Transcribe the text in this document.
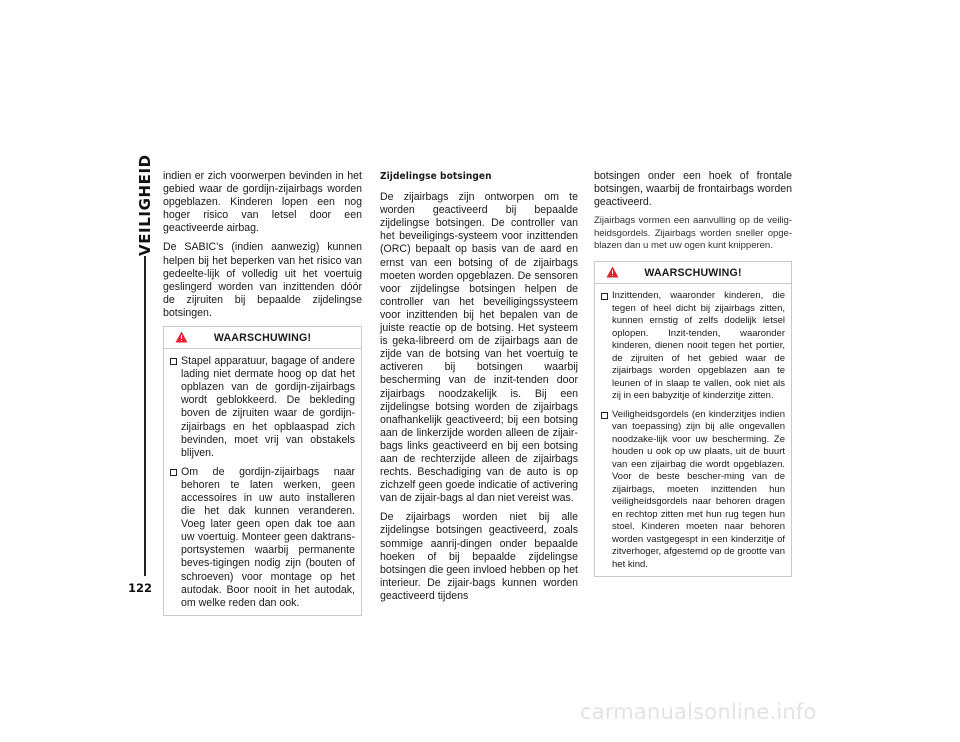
VEILIGHEID
122

indien er zich voorwerpen bevinden in het gebied waar de gordijn-zijairbags worden opgeblazen. Kinderen lopen een nog hoger risico van letsel door een geactiveerde airbag.

De SABIC's (indien aanwezig) kunnen helpen bij het beperken van het risico van gedeelte-lijk of volledig uit het voertuig geslingerd worden van inzittenden dóór de zijruiten bij bepaalde zijdelingse botsingen.

WAARSCHUWING!
Stapel apparatuur, bagage of andere lading niet dermate hoog op dat het opblazen van de gordijn-zijairbags wordt geblokkeerd. De bekleding boven de zijruiten waar de gordijn-zijairbags en het opblaaspad zich bevinden, moet vrij van obstakels blijven.
Om de gordijn-zijairbags naar behoren te laten werken, geen accessoires in uw auto installeren die het dak kunnen veranderen. Voeg later geen open dak toe aan uw voertuig. Monteer geen daktrans-portsystemen waarbij permanente beves-tigingen nodig zijn (bouten of schroeven) voor montage op het autodak. Boor nooit in het autodak, om welke reden dan ook.
Zijdelingse botsingen

De zijairbags zijn ontworpen om te worden geactiveerd bij bepaalde zijdelingse botsingen. De controller van het beveiligings-systeem voor inzittenden (ORC) bepaalt op basis van de aard en ernst van een botsing of de zijairbags moeten worden opgeblazen. De sensoren voor zijdelingse botsingen helpen de controller van het beveiligingssysteem voor inzittenden bij het bepalen van de juiste reactie op de botsing. Het systeem is geka-libreerd om de zijairbags aan de zijde van de botsing van het voertuig te activeren bij botsingen waarbij bescherming van de inzit-tenden door zijairbags noodzakelijk is. Bij een zijdelingse botsing worden de zijairbags onafhankelijk geactiveerd; bij een botsing aan de linkerzijde worden alleen de zijair-bags links geactiveerd en bij een botsing aan de rechterzijde alleen de zijairbags rechts. Beschadiging van de auto is op zichzelf geen goede indicatie of activering van de zijair-bags al dan niet vereist was.

De zijairbags worden niet bij alle zijdelingse botsingen geactiveerd, zoals sommige aanrij-dingen onder bepaalde hoeken of bij bepaalde zijdelingse botsingen die geen invloed hebben op het interieur. De zijair-bags kunnen worden geactiveerd tijdens

botsingen onder een hoek of frontale botsingen, waarbij de frontairbags worden geactiveerd.

Zijairbags vormen een aanvulling op de veilig-heidsgordels. Zijairbags worden sneller opge-blazen dan u met uw ogen kunt knipperen.

WAARSCHUWING!
Inzittenden, waaronder kinderen, die tegen of heel dicht bij zijairbags zitten, kunnen ernstig of zelfs dodelijk letsel oplopen. Inzit-tenden, waaronder kinderen, dienen nooit tegen het portier, de zijruiten of het gebied waar de zijairbags worden opgeblazen aan te leunen of in slaap te vallen, ook niet als zij in een babyzitje of kinderzitje zitten.
Veiligheidsgordels (en kinderzitjes indien van toepassing) zijn bij alle ongevallen noodzake-lijk voor uw bescherming. Ze houden u ook op uw plaats, uit de buurt van een zijairbag die wordt opgeblazen. Voor de beste bescher-ming van de zijairbags, moeten inzittenden hun veiligheidsgordels naar behoren dragen en rechtop zitten met hun rug tegen hun stoel. Kinderen moeten naar behoren worden vastgegespt in een kinderzitje of zitverhoger, afgestemd op de grootte van het kind.
carmanualsonline.info
